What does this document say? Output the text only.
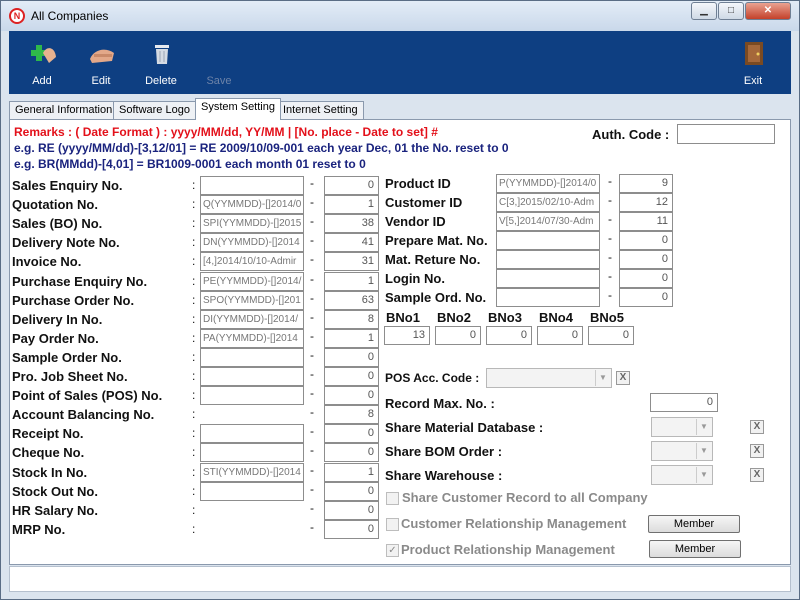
N All Companies	▁	□	✕
Add	Edit	Delete	Save	Exit
General Information Software Logo	System Setting Internet Setting
Remarks : ( Date Format ) : yyyy/MM/dd, YY/MM | [No. place - Date to set] #
e.g. RE (yyyy/MM/dd)-[3,12/01] = RE 2009/10/09-001 each year Dec, 01 the No. reset to 0
e.g. BR(MMdd)-[4,01] = BR1009-0001 each month 01 reset to 0
Auth. Code :
Sales Enquiry No.	:	-	0
Quotation No.	: Q(YYMMDD)-[]2014/0 -	1
Sales (BO) No.	: SPI(YYMMDD)-[]2015 -	38
Delivery Note No.	: DN(YYMMDD)-[]2014 -	41
Invoice No.	: [4,]2014/10/10-Admir	-	31
Purchase Enquiry No.	: PE(YYMMDD)-[]2014/ -	1
Purchase Order No.	: SPO(YYMMDD)-[]201 -	63
Delivery In No.	: DI(YYMMDD)-[]2014/ -	8
Pay Order No.	: PA(YYMMDD)-[]2014	-	1
Sample Order No.	:	-	0
Pro. Job Sheet No.	:	-	0
Point of Sales (POS) No. :	-	0
Account Balancing No.	:	-	8
Receipt No.	:	-	0
Cheque No.	:	-	0
Stock In No.	: STI(YYMMDD)-[]2014 -	1
Stock Out No.	:	-	0
HR Salary No.	:	-	0
MRP No.	:	-	0
Product ID	P(YYMMDD)-[]2014/0 -	9
Customer ID	C[3,]2015/02/10-Adm	-	12
Vendor ID	V[5,]2014/07/30-Adm	-	11
Prepare Mat. No.	-	0
Mat. Reture No.	-	0
Login No.	-	0
Sample Ord. No.	-	0
BNo1
13
BNo2
0
BNo3
0
BNo4
0
BNo5
0
POS Acc. Code :	▼	X
Record Max. No. :	0
Share Material Database :	▼	X
Share BOM Order :	▼	X
Share Warehouse :	▼	X
Share Customer Record to all Company
Customer Relationship Management	Member
✓ Product Relationship Management	Member
